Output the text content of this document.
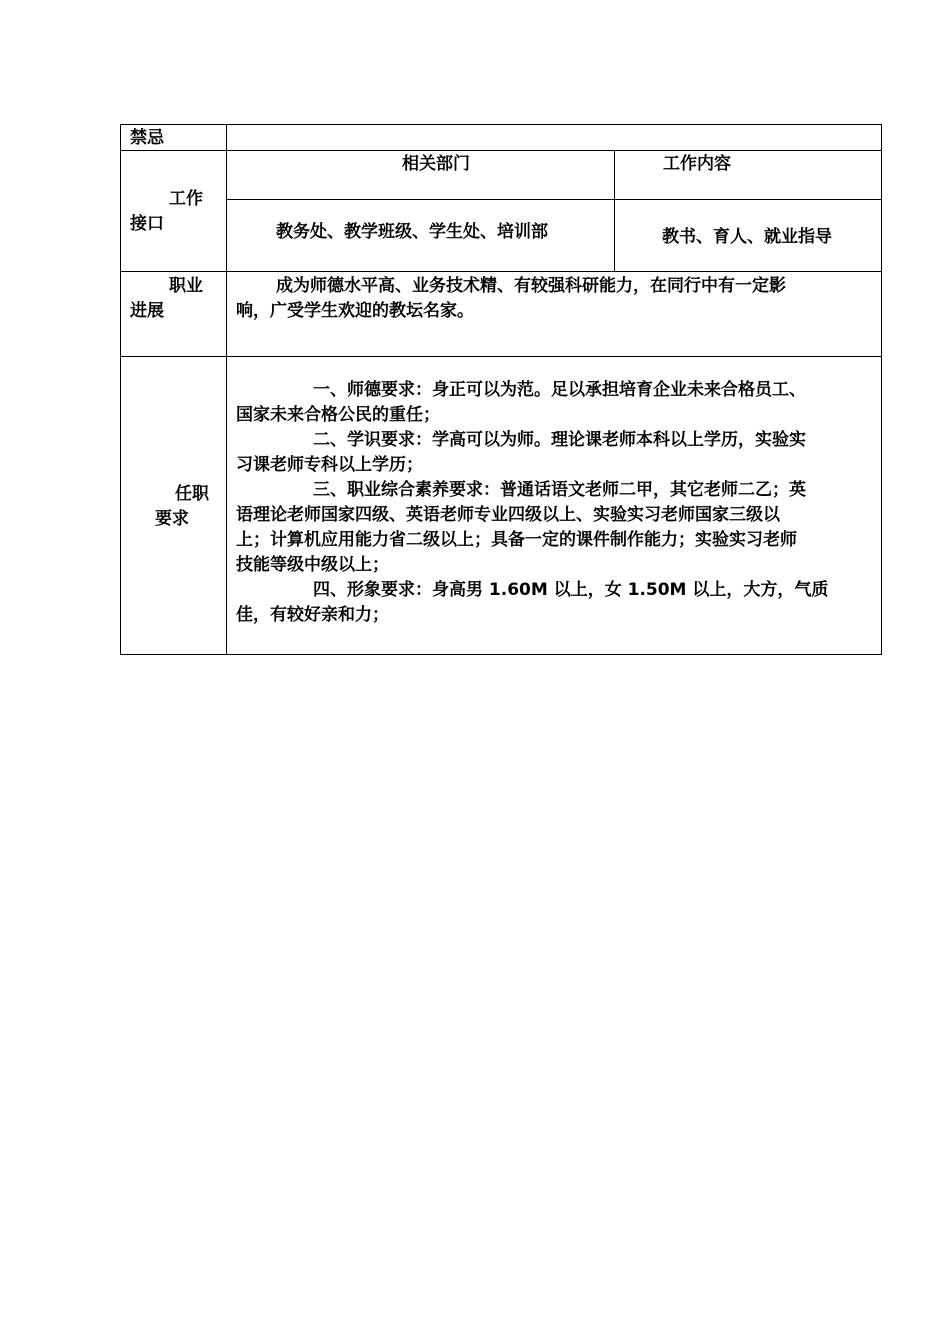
禁忌
工作
接口
相关部门	工作内容
教务处、教学班级、学生处、培训部	教书、育人、就业指导
职业
进展
成为师德水平高、业务技术精、有较强科研能力，在同行中有一定影
响，广受学生欢迎的教坛名家。
任职
要求
一、师德要求：身正可以为范。足以承担培育企业未来合格员工、
国家未来合格公民的重任；
二、学识要求：学高可以为师。理论课老师本科以上学历，实验实
习课老师专科以上学历；
三、职业综合素养要求：普通话语文老师二甲，其它老师二乙；英
语理论老师国家四级、英语老师专业四级以上、实验实习老师国家三级以
上；计算机应用能力省二级以上；具备一定的课件制作能力；实验实习老师
技能等级中级以上；
四、形象要求：身高男 1.60M 以上，女 1.50M 以上，大方，气质
佳，有较好亲和力；
